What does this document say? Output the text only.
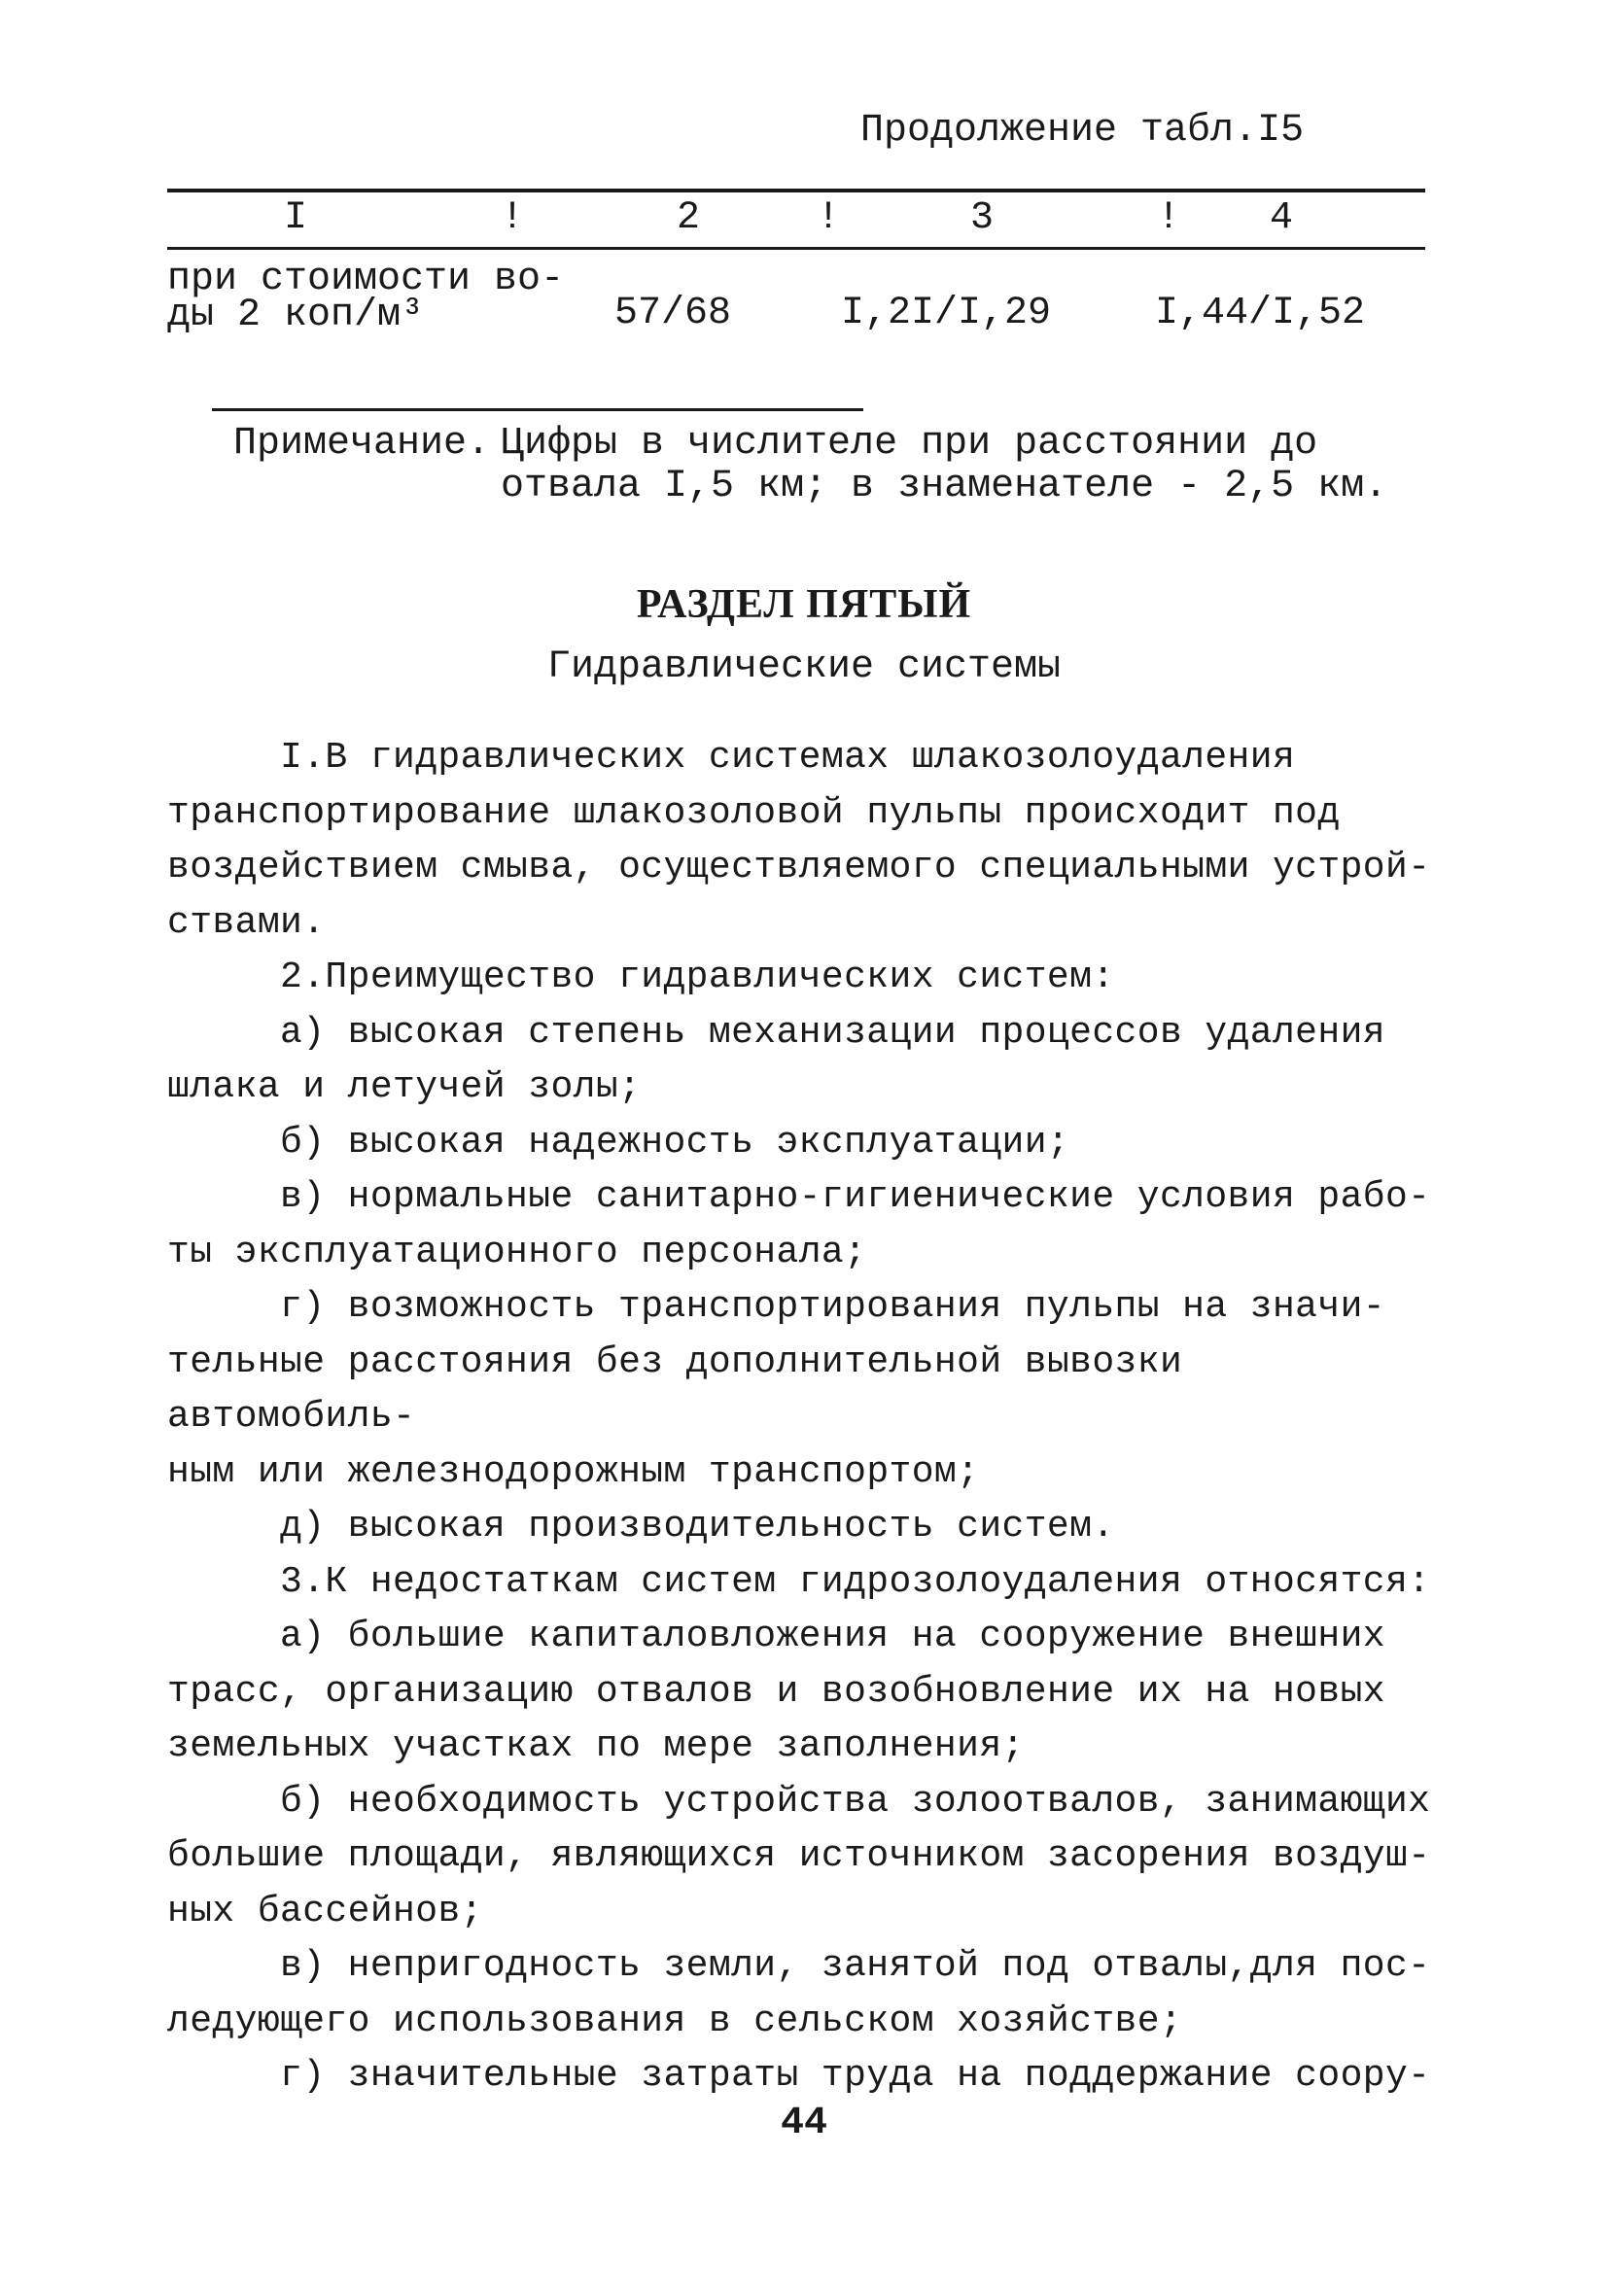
Продолжение табл.I5
I	!	2	!	3	! 4
при стоимости во-
ды 2 коп/м³	57/68	I,2I/I,29	I,44/I,52
Примечание. Цифры в числителе при расстоянии до
отвала I,5 км; в знаменателе - 2,5 км.
РАЗДЕЛ ПЯТЫЙ
Гидравлические системы

I.В гидравлических системах шлакозолоудаления

транспортирование шлакозоловой пульпы происходит под

воздействием смыва, осуществляемого специальными устрой-

ствами.

2.Преимущество гидравлических систем:

а) высокая степень механизации процессов удаления

шлака и летучей золы;

б) высокая надежность эксплуатации;

в) нормальные санитарно-гигиенические условия рабо-

ты эксплуатационного персонала;

г) возможность транспортирования пульпы на значи-

тельные расстояния без дополнительной вывозки автомобиль-

ным или железнодорожным транспортом;

д) высокая производительность систем.

3.К недостаткам систем гидрозолоудаления относятся:

а) большие капиталовложения на сооружение внешних

трасс, организацию отвалов и возобновление их на новых

земельных участках по мере заполнения;

б) необходимость устройства золоотвалов, занимающих

большие площади, являющихся источником засорения воздуш-

ных бассейнов;

в) непригодность земли, занятой под отвалы,для пос-

ледующего использования в сельском хозяйстве;

г) значительные затраты труда на поддержание соору-

44
